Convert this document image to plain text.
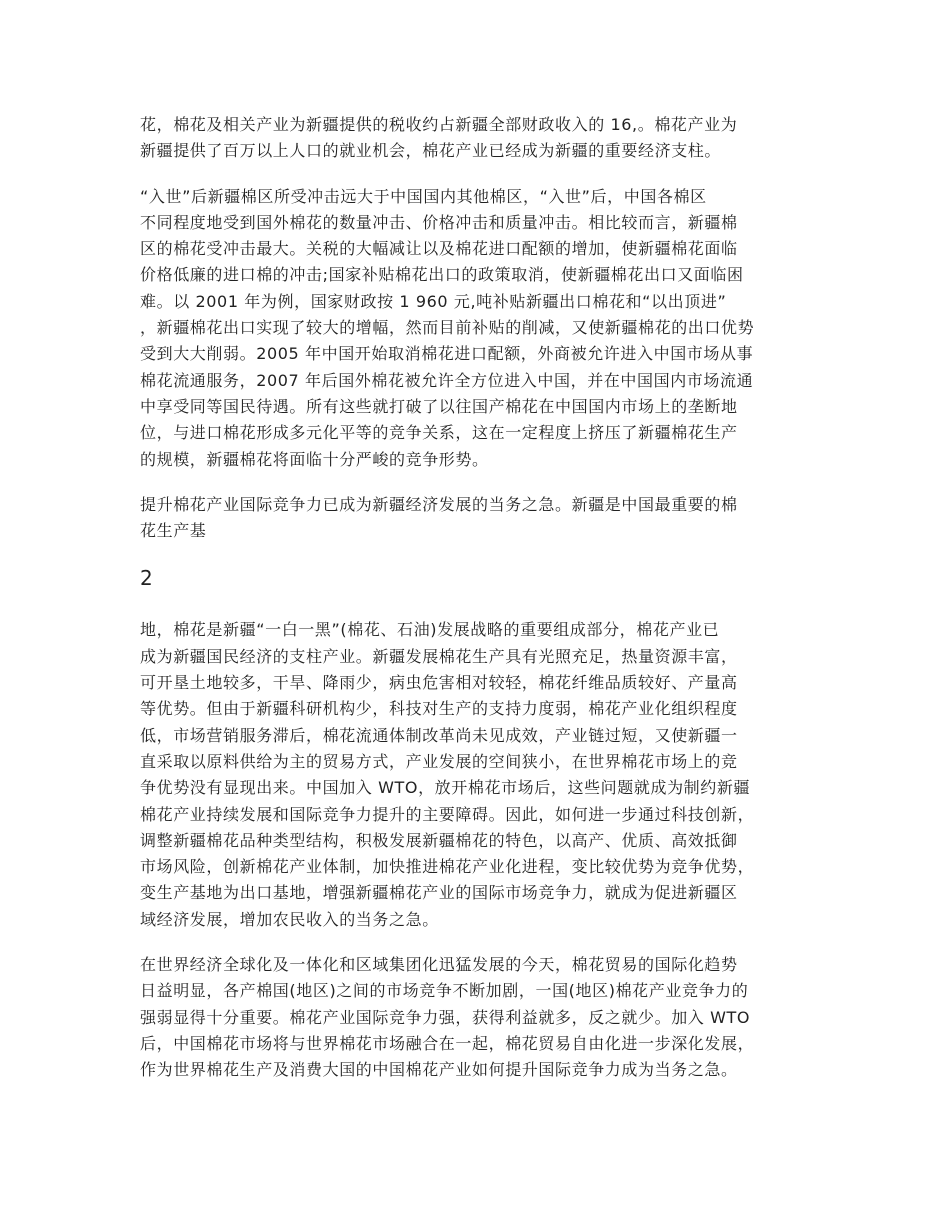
花，棉花及相关产业为新疆提供的税收约占新疆全部财政收入的 16,。棉花产业为
新疆提供了百万以上人口的就业机会，棉花产业已经成为新疆的重要经济支柱。
“入世”后新疆棉区所受冲击远大于中国国内其他棉区，“入世”后，中国各棉区
不同程度地受到国外棉花的数量冲击、价格冲击和质量冲击。相比较而言，新疆棉
区的棉花受冲击最大。关税的大幅减让以及棉花进口配额的增加，使新疆棉花面临
价格低廉的进口棉的冲击;国家补贴棉花出口的政策取消，使新疆棉花出口又面临困
难。以 2001 年为例，国家财政按 1 960 元,吨补贴新疆出口棉花和“以出顶进”
，新疆棉花出口实现了较大的增幅，然而目前补贴的削减，又使新疆棉花的出口优势
受到大大削弱。2005 年中国开始取消棉花进口配额，外商被允许进入中国市场从事
棉花流通服务，2007 年后国外棉花被允许全方位进入中国，并在中国国内市场流通
中享受同等国民待遇。所有这些就打破了以往国产棉花在中国国内市场上的垄断地
位，与进口棉花形成多元化平等的竞争关系，这在一定程度上挤压了新疆棉花生产
的规模，新疆棉花将面临十分严峻的竞争形势。
提升棉花产业国际竞争力已成为新疆经济发展的当务之急。新疆是中国最重要的棉
花生产基
2
地，棉花是新疆“一白一黑”(棉花、石油)发展战略的重要组成部分，棉花产业已
成为新疆国民经济的支柱产业。新疆发展棉花生产具有光照充足，热量资源丰富，
可开垦土地较多，干旱、降雨少，病虫危害相对较轻，棉花纤维品质较好、产量高
等优势。但由于新疆科研机构少，科技对生产的支持力度弱，棉花产业化组织程度
低，市场营销服务滞后，棉花流通体制改革尚未见成效，产业链过短，又使新疆一
直采取以原料供给为主的贸易方式，产业发展的空间狭小，在世界棉花市场上的竞
争优势没有显现出来。中国加入 WTO，放开棉花市场后，这些问题就成为制约新疆
棉花产业持续发展和国际竞争力提升的主要障碍。因此，如何进一步通过科技创新，
调整新疆棉花品种类型结构，积极发展新疆棉花的特色，以高产、优质、高效抵御
市场风险，创新棉花产业体制，加快推进棉花产业化进程，变比较优势为竞争优势，
变生产基地为出口基地，增强新疆棉花产业的国际市场竞争力，就成为促进新疆区
域经济发展，增加农民收入的当务之急。
在世界经济全球化及一体化和区域集团化迅猛发展的今天，棉花贸易的国际化趋势
日益明显，各产棉国(地区)之间的市场竞争不断加剧，一国(地区)棉花产业竞争力的
强弱显得十分重要。棉花产业国际竞争力强，获得利益就多，反之就少。加入 WTO
后，中国棉花市场将与世界棉花市场融合在一起，棉花贸易自由化进一步深化发展，
作为世界棉花生产及消费大国的中国棉花产业如何提升国际竞争力成为当务之急。
